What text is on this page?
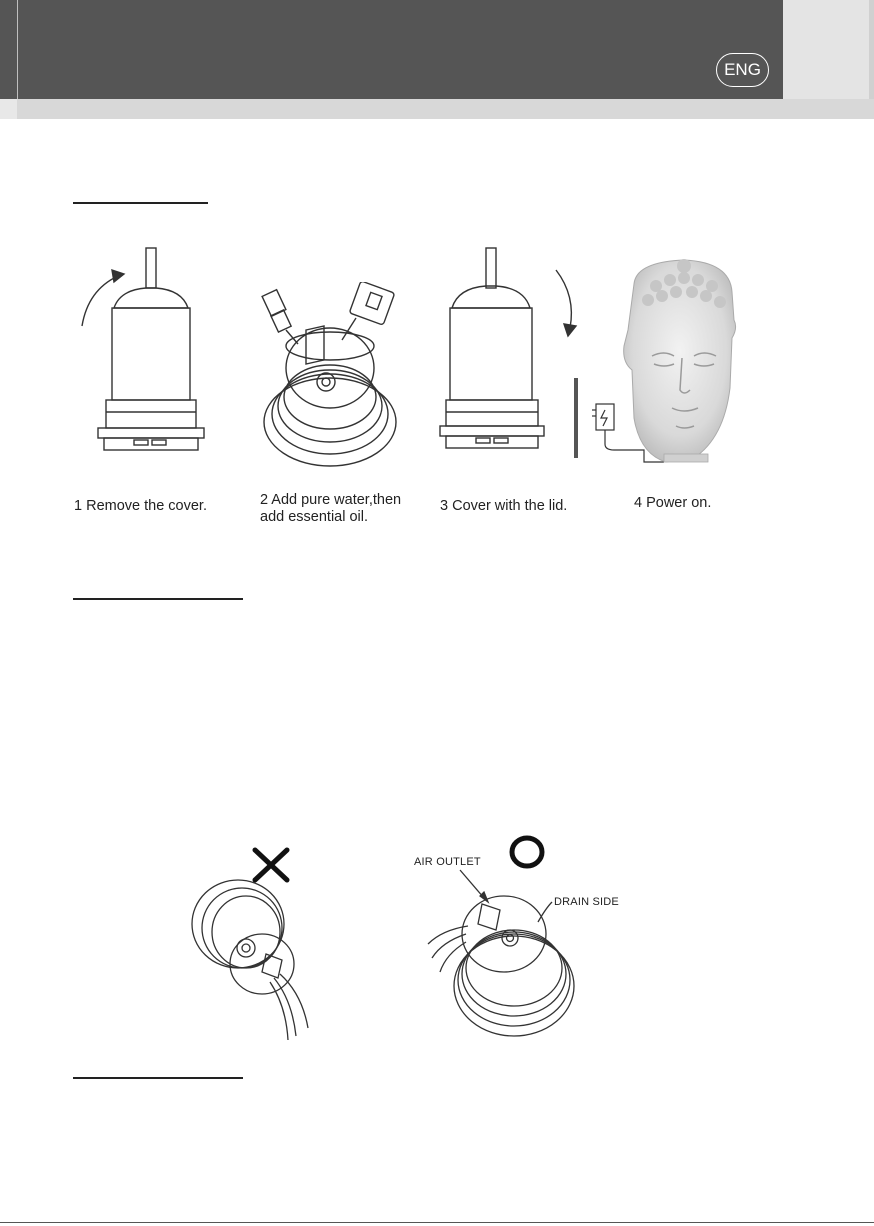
ENG
1 Remove the cover.	2 Add pure water,then
add essential oil.
3 Cover with the lid.	4 Power on.
AIR OUTLET
DRAIN SIDE
